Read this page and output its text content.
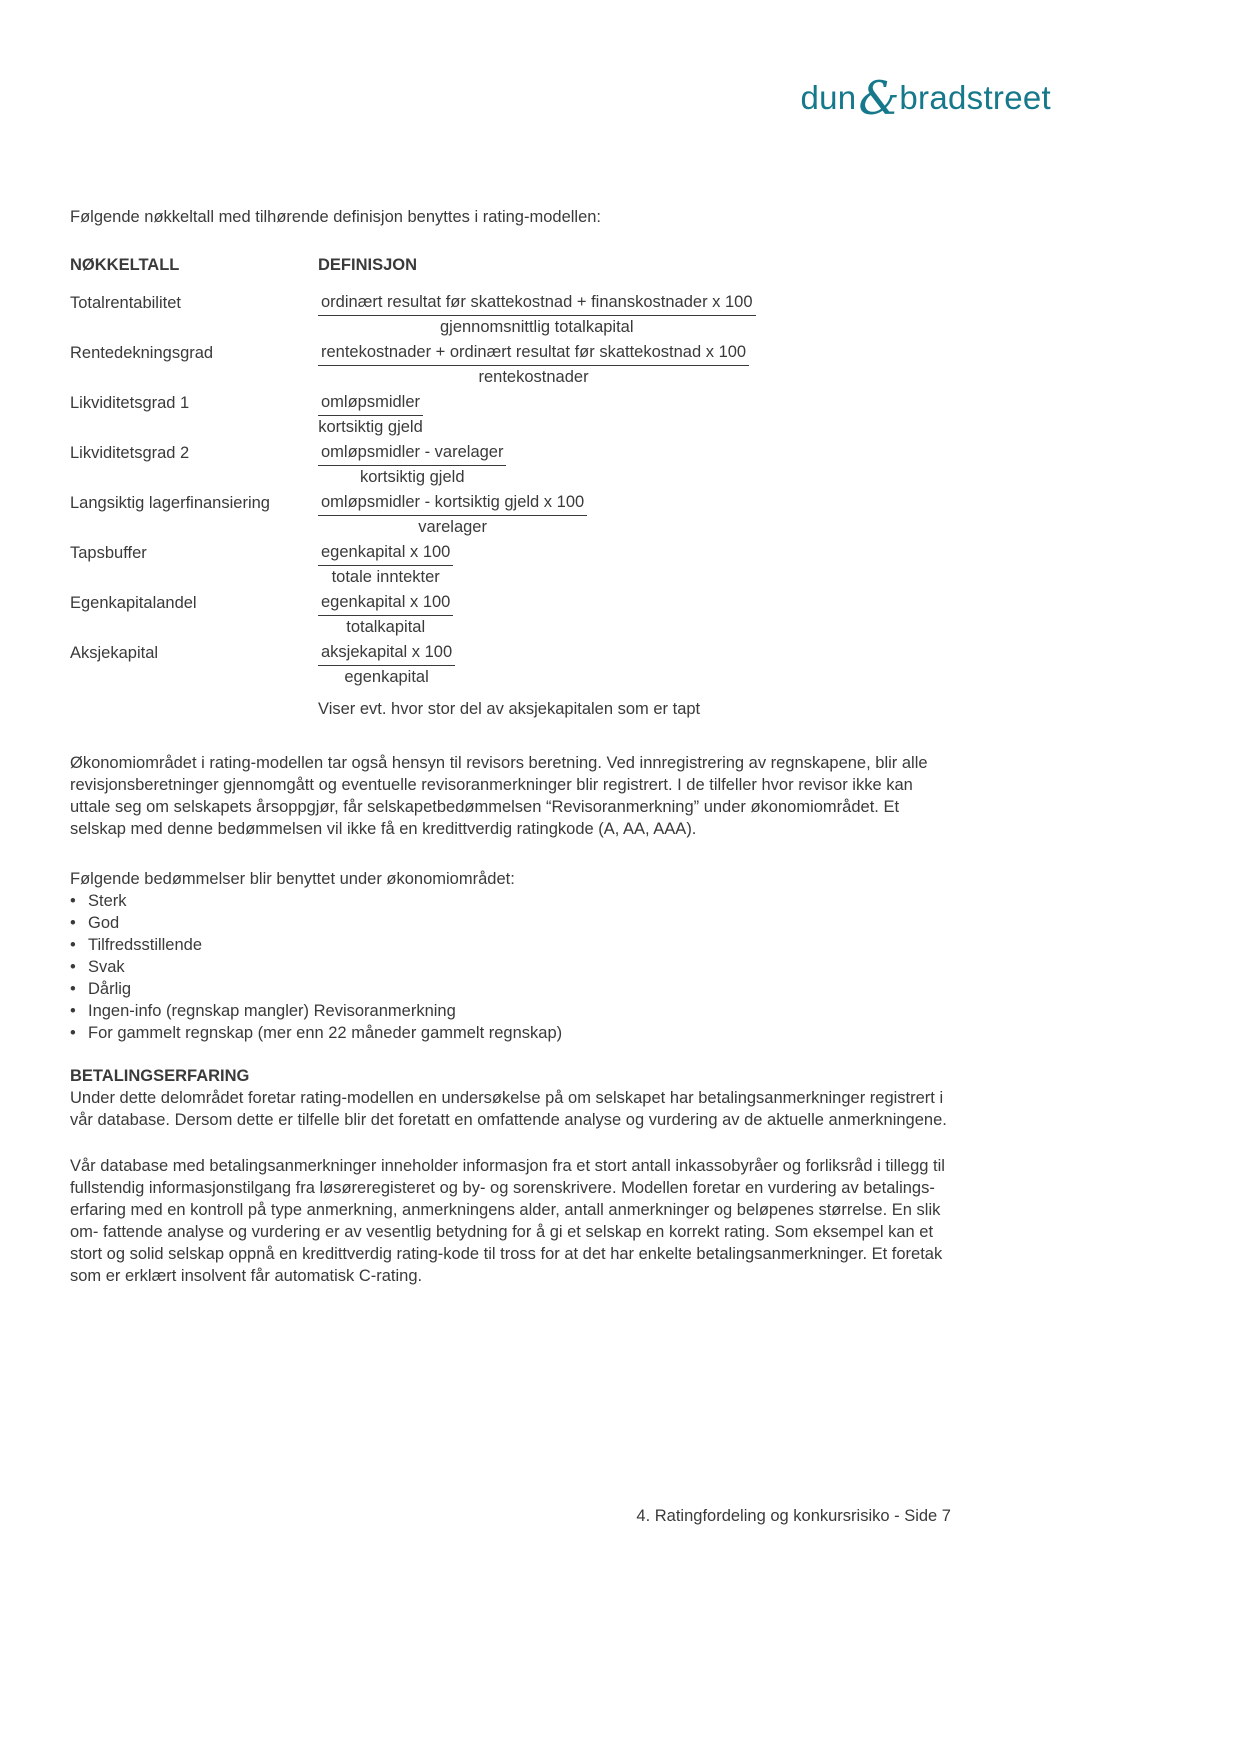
dun&bradstreet

Følgende nøkkeltall med tilhørende definisjon benyttes i rating-modellen:

NØKKELTALL	DEFINISJON
Totalrentabilitet	$\frac{\text{ordinært resultat før skattekostnad + finanskostnader x 100}}{\text{gjennomsnittlig totalkapital}}$
Rentedekningsgrad	$\frac{\text{rentekostnader + ordinært resultat før skattekostnad x 100}}{\text{rentekostnader}}$
Likviditetsgrad 1	$\frac{\text{omløpsmidler}}{\text{kortsiktig gjeld}}$
Likviditetsgrad 2	$\frac{\text{omløpsmidler - varelager}}{\text{kortsiktig gjeld}}$
Langsiktig lagerfinansiering	$\frac{\text{omløpsmidler - kortsiktig gjeld x 100}}{\text{varelager}}$
Tapsbuffer	$\frac{\text{egenkapital x 100}}{\text{totale inntekter}}$
Egenkapitalandel	$\frac{\text{egenkapital x 100}}{\text{totalkapital}}$
Aksjekapital	$\frac{\text{aksjekapital x 100}}{\text{egenkapital}}$
Viser evt. hvor stor del av aksjekapitalen som er tapt

Økonomiområdet i rating-modellen tar også hensyn til revisors beretning. Ved innregistrering av regnskapene, blir alle revisjonsberetninger gjennomgått og eventuelle revisoranmerkninger blir registrert. I de tilfeller hvor revisor ikke kan uttale seg om selskapets årsoppgjør, får selskapetbedømmelsen “Revisoranmerkning” under økonomiområdet. Et selskap med denne bedømmelsen vil ikke få en kredittverdig ratingkode (A, AA, AAA).

Følgende bedømmelser blir benyttet under økonomiområdet:

• Sterk
• God
• Tilfredsstillende
• Svak
• Dårlig
• Ingen-info (regnskap mangler) Revisoranmerkning
• For gammelt regnskap (mer enn 22 måneder gammelt regnskap)
BETALINGSERFARING

Under dette delområdet foretar rating-modellen en undersøkelse på om selskapet har betalingsanmerkninger registrert i vår database. Dersom dette er tilfelle blir det foretatt en omfattende analyse og vurdering av de aktuelle anmerkningene.

Vår database med betalingsanmerkninger inneholder informasjon fra et stort antall inkassobyråer og forliksråd i tillegg til fullstendig informasjonstilgang fra løsøreregisteret og by- og sorenskrivere. Modellen foretar en vurdering av betalings- erfaring med en kontroll på type anmerkning, anmerkningens alder, antall anmerkninger og beløpenes størrelse. En slik om- fattende analyse og vurdering er av vesentlig betydning for å gi et selskap en korrekt rating. Som eksempel kan et stort og solid selskap oppnå en kredittverdig rating-kode til tross for at det har enkelte betalingsanmerkninger. Et foretak som er erklært insolvent får automatisk C-rating.

4. Ratingfordeling og konkursrisiko - Side 7
